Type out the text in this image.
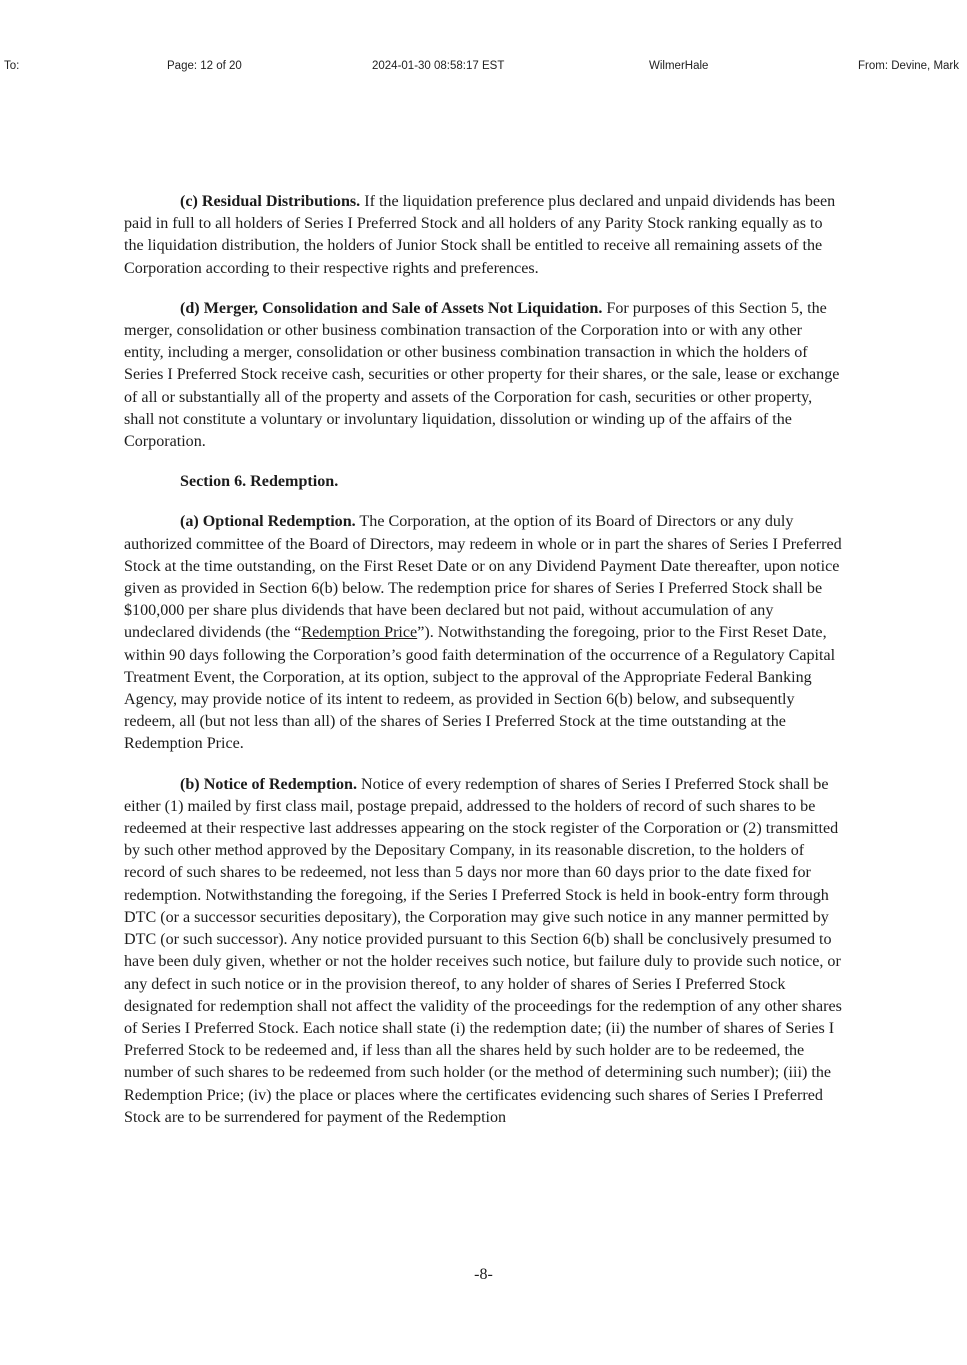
To:	Page: 12 of 20	2024-01-30 08:58:17 EST	WilmerHale	From: Devine, Mark

(c) Residual Distributions. If the liquidation preference plus declared and unpaid dividends has been paid in full to all holders of Series I Preferred Stock and all holders of any Parity Stock ranking equally as to the liquidation distribution, the holders of Junior Stock shall be entitled to receive all remaining assets of the Corporation according to their respective rights and preferences.

(d) Merger, Consolidation and Sale of Assets Not Liquidation. For purposes of this Section 5, the merger, consolidation or other business combination transaction of the Corporation into or with any other entity, including a merger, consolidation or other business combination transaction in which the holders of Series I Preferred Stock receive cash, securities or other property for their shares, or the sale, lease or exchange of all or substantially all of the property and assets of the Corporation for cash, securities or other property, shall not constitute a voluntary or involuntary liquidation, dissolution or winding up of the affairs of the Corporation.

Section 6. Redemption.

(a) Optional Redemption. The Corporation, at the option of its Board of Directors or any duly authorized committee of the Board of Directors, may redeem in whole or in part the shares of Series I Preferred Stock at the time outstanding, on the First Reset Date or on any Dividend Payment Date thereafter, upon notice given as provided in Section 6(b) below. The redemption price for shares of Series I Preferred Stock shall be $100,000 per share plus dividends that have been declared but not paid, without accumulation of any undeclared dividends (the “Redemption Price”). Notwithstanding the foregoing, prior to the First Reset Date, within 90 days following the Corporation’s good faith determination of the occurrence of a Regulatory Capital Treatment Event, the Corporation, at its option, subject to the approval of the Appropriate Federal Banking Agency, may provide notice of its intent to redeem, as provided in Section 6(b) below, and subsequently redeem, all (but not less than all) of the shares of Series I Preferred Stock at the time outstanding at the Redemption Price.

(b) Notice of Redemption. Notice of every redemption of shares of Series I Preferred Stock shall be either (1) mailed by first class mail, postage prepaid, addressed to the holders of record of such shares to be redeemed at their respective last addresses appearing on the stock register of the Corporation or (2) transmitted by such other method approved by the Depositary Company, in its reasonable discretion, to the holders of record of such shares to be redeemed, not less than 5 days nor more than 60 days prior to the date fixed for redemption. Notwithstanding the foregoing, if the Series I Preferred Stock is held in book-entry form through DTC (or a successor securities depositary), the Corporation may give such notice in any manner permitted by DTC (or such successor). Any notice provided pursuant to this Section 6(b) shall be conclusively presumed to have been duly given, whether or not the holder receives such notice, but failure duly to provide such notice, or any defect in such notice or in the provision thereof, to any holder of shares of Series I Preferred Stock designated for redemption shall not affect the validity of the proceedings for the redemption of any other shares of Series I Preferred Stock. Each notice shall state (i) the redemption date; (ii) the number of shares of Series I Preferred Stock to be redeemed and, if less than all the shares held by such holder are to be redeemed, the number of such shares to be redeemed from such holder (or the method of determining such number); (iii) the Redemption Price; (iv) the place or places where the certificates evidencing such shares of Series I Preferred Stock are to be surrendered for payment of the Redemption

-8-
